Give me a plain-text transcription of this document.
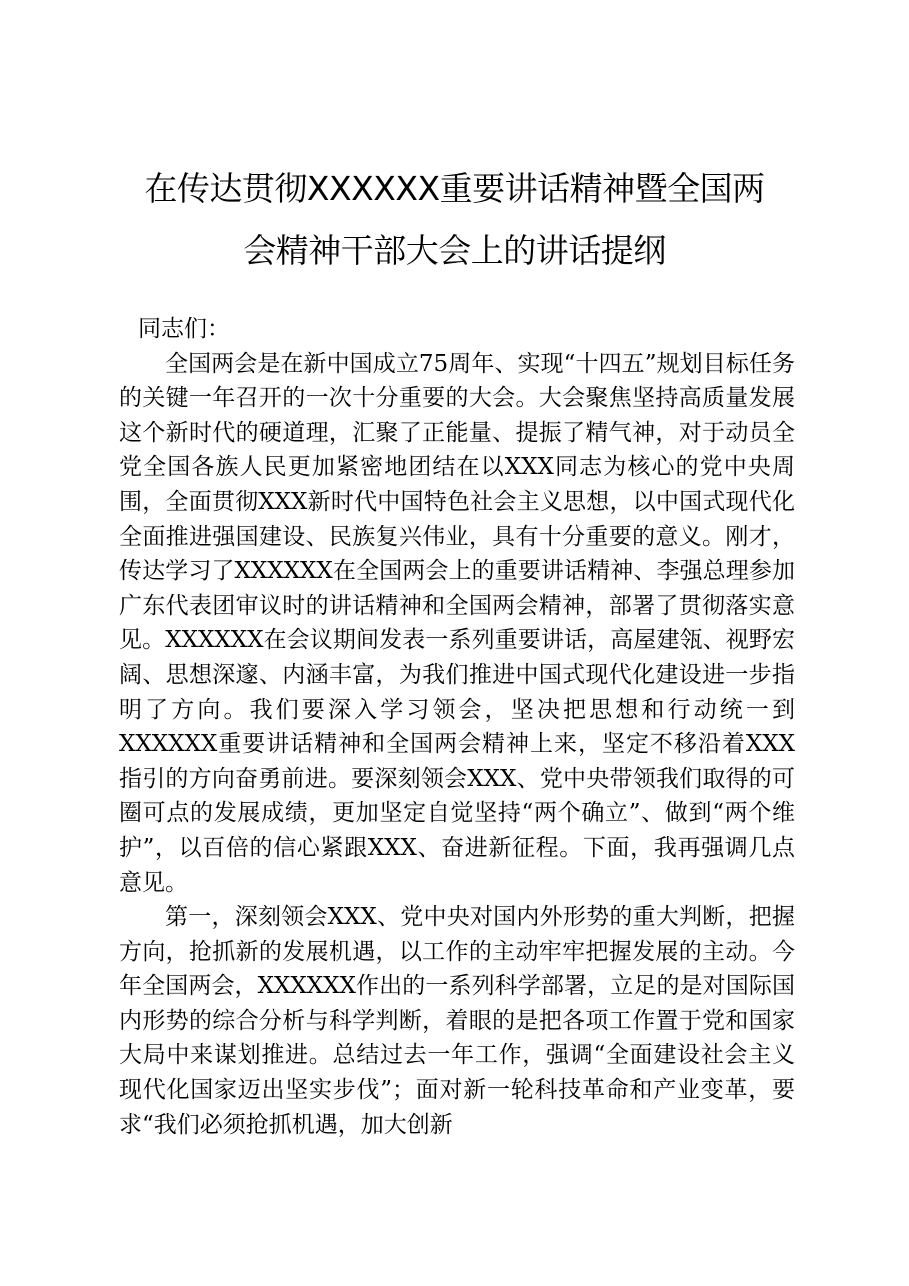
在传达贯彻XXXXXX重要讲话精神暨全国两
会精神干部大会上的讲话提纲

同志们：

全国两会是在新中国成立75周年、实现“十四五”规划目标任务的关键一年召开的一次十分重要的大会。大会聚焦坚持高质量发展这个新时代的硬道理，汇聚了正能量、提振了精气神，对于动员全党全国各族人民更加紧密地团结在以XXX同志为核心的党中央周围，全面贯彻XXX新时代中国特色社会主义思想，以中国式现代化全面推进强国建设、民族复兴伟业，具有十分重要的意义。刚才，传达学习了XXXXXX在全国两会上的重要讲话精神、李强总理参加广东代表团审议时的讲话精神和全国两会精神，部署了贯彻落实意见。XXXXXX在会议期间发表一系列重要讲话，高屋建瓴、视野宏阔、思想深邃、内涵丰富，为我们推进中国式现代化建设进一步指明了方向。我们要深入学习领会，坚决把思想和行动统一到XXXXXX重要讲话精神和全国两会精神上来，坚定不移沿着XXX指引的方向奋勇前进。要深刻领会XXX、党中央带领我们取得的可圈可点的发展成绩，更加坚定自觉坚持“两个确立”、做到“两个维护”，以百倍的信心紧跟XXX、奋进新征程。下面，我再强调几点意见。

第一，深刻领会XXX、党中央对国内外形势的重大判断，把握方向，抢抓新的发展机遇，以工作的主动牢牢把握发展的主动。今年全国两会，XXXXXX作出的一系列科学部署，立足的是对国际国内形势的综合分析与科学判断，着眼的是把各项工作置于党和国家大局中来谋划推进。总结过去一年工作，强调“全面建设社会主义现代化国家迈出坚实步伐”；面对新一轮科技革命和产业变革，要求“我们必须抢抓机遇，加大创新
